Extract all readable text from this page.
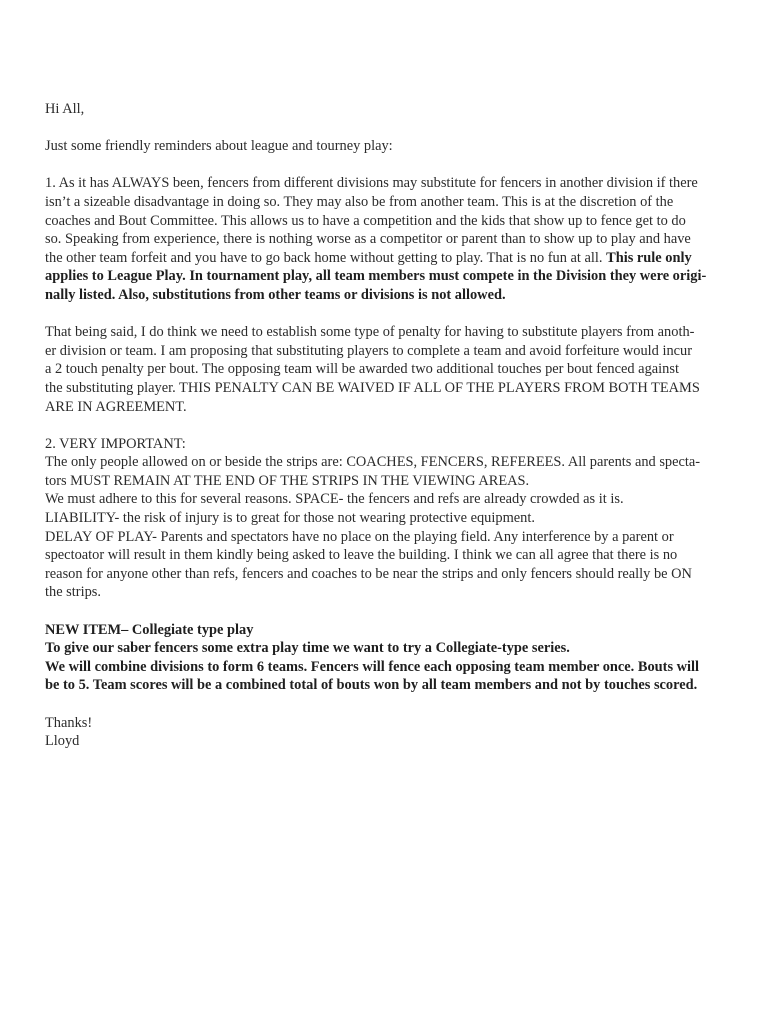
Hi All,
Just some friendly reminders about league and tourney play:
1. As it has ALWAYS been, fencers from different divisions may substitute for fencers in another division if there
isn’t a sizeable disadvantage in doing so. They may also be from another team. This is at the discretion of the
coaches and Bout Committee. This allows us to have a competition and the kids that show up to fence get to do
so. Speaking from experience, there is nothing worse as a competitor or parent than to show up to play and have
the other team forfeit and you have to go back home without getting to play. That is no fun at all. This rule only
applies to League Play. In tournament play, all team members must compete in the Division they were origi-
nally listed. Also, substitutions from other teams or divisions is not allowed.
That being said, I do think we need to establish some type of penalty for having to substitute players from anoth-
er division or team. I am proposing that substituting players to complete a team and avoid forfeiture would incur
a 2 touch penalty per bout. The opposing team will be awarded two additional touches per bout fenced against
the substituting player. THIS PENALTY CAN BE WAIVED IF ALL OF THE PLAYERS FROM BOTH TEAMS
ARE IN AGREEMENT.
2. VERY IMPORTANT:
The only people allowed on or beside the strips are: COACHES, FENCERS, REFEREES. All parents and specta-
tors MUST REMAIN AT THE END OF THE STRIPS IN THE VIEWING AREAS.
We must adhere to this for several reasons. SPACE- the fencers and refs are already crowded as it is.
LIABILITY- the risk of injury is to great for those not wearing protective equipment.
DELAY OF PLAY- Parents and spectators have no place on the playing field. Any interference by a parent or
spectoator will result in them kindly being asked to leave the building. I think we can all agree that there is no
reason for anyone other than refs, fencers and coaches to be near the strips and only fencers should really be ON
the strips.
NEW ITEM– Collegiate type play
To give our saber fencers some extra play time we want to try a Collegiate-type series.
We will combine divisions to form 6 teams. Fencers will fence each opposing team member once. Bouts will
be to 5. Team scores will be a combined total of bouts won by all team members and not by touches scored.
Thanks!
Lloyd
